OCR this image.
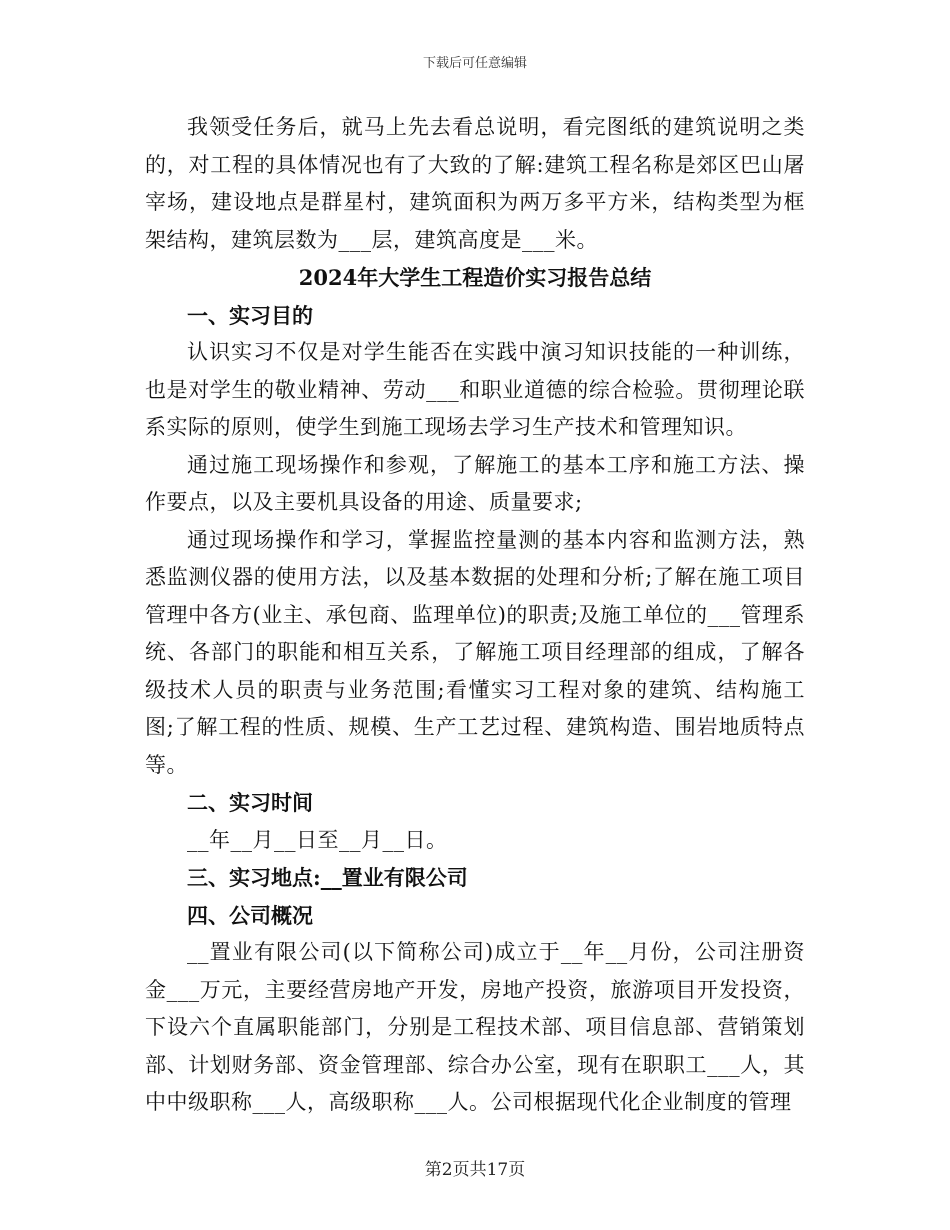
下载后可任意编辑

我领受任务后，就马上先去看总说明，看完图纸的建筑说明之类的，对工程的具体情况也有了大致的了解:建筑工程名称是郊区巴山屠宰场，建设地点是群星村，建筑面积为两万多平方米，结构类型为框架结构，建筑层数为___层，建筑高度是___米。

2024年大学生工程造价实习报告总结

一、实习目的

认识实习不仅是对学生能否在实践中演习知识技能的一种训练，也是对学生的敬业精神、劳动___和职业道德的综合检验。贯彻理论联系实际的原则，使学生到施工现场去学习生产技术和管理知识。

通过施工现场操作和参观，了解施工的基本工序和施工方法、操作要点，以及主要机具设备的用途、质量要求;

通过现场操作和学习，掌握监控量测的基本内容和监测方法，熟悉监测仪器的使用方法，以及基本数据的处理和分析;了解在施工项目管理中各方(业主、承包商、监理单位)的职责;及施工单位的___管理系统、各部门的职能和相互关系，了解施工项目经理部的组成，了解各级技术人员的职责与业务范围;看懂实习工程对象的建筑、结构施工图;了解工程的性质、规模、生产工艺过程、建筑构造、围岩地质特点等。

二、实习时间

__年__月__日至__月__日。

三、实习地点:__置业有限公司

四、公司概况

__置业有限公司(以下简称公司)成立于__年__月份，公司注册资金___万元，主要经营房地产开发，房地产投资，旅游项目开发投资，下设六个直属职能部门，分别是工程技术部、项目信息部、营销策划部、计划财务部、资金管理部、综合办公室，现有在职职工___人，其中中级职称___人，高级职称___人。公司根据现代化企业制度的管理

第2页共17页
